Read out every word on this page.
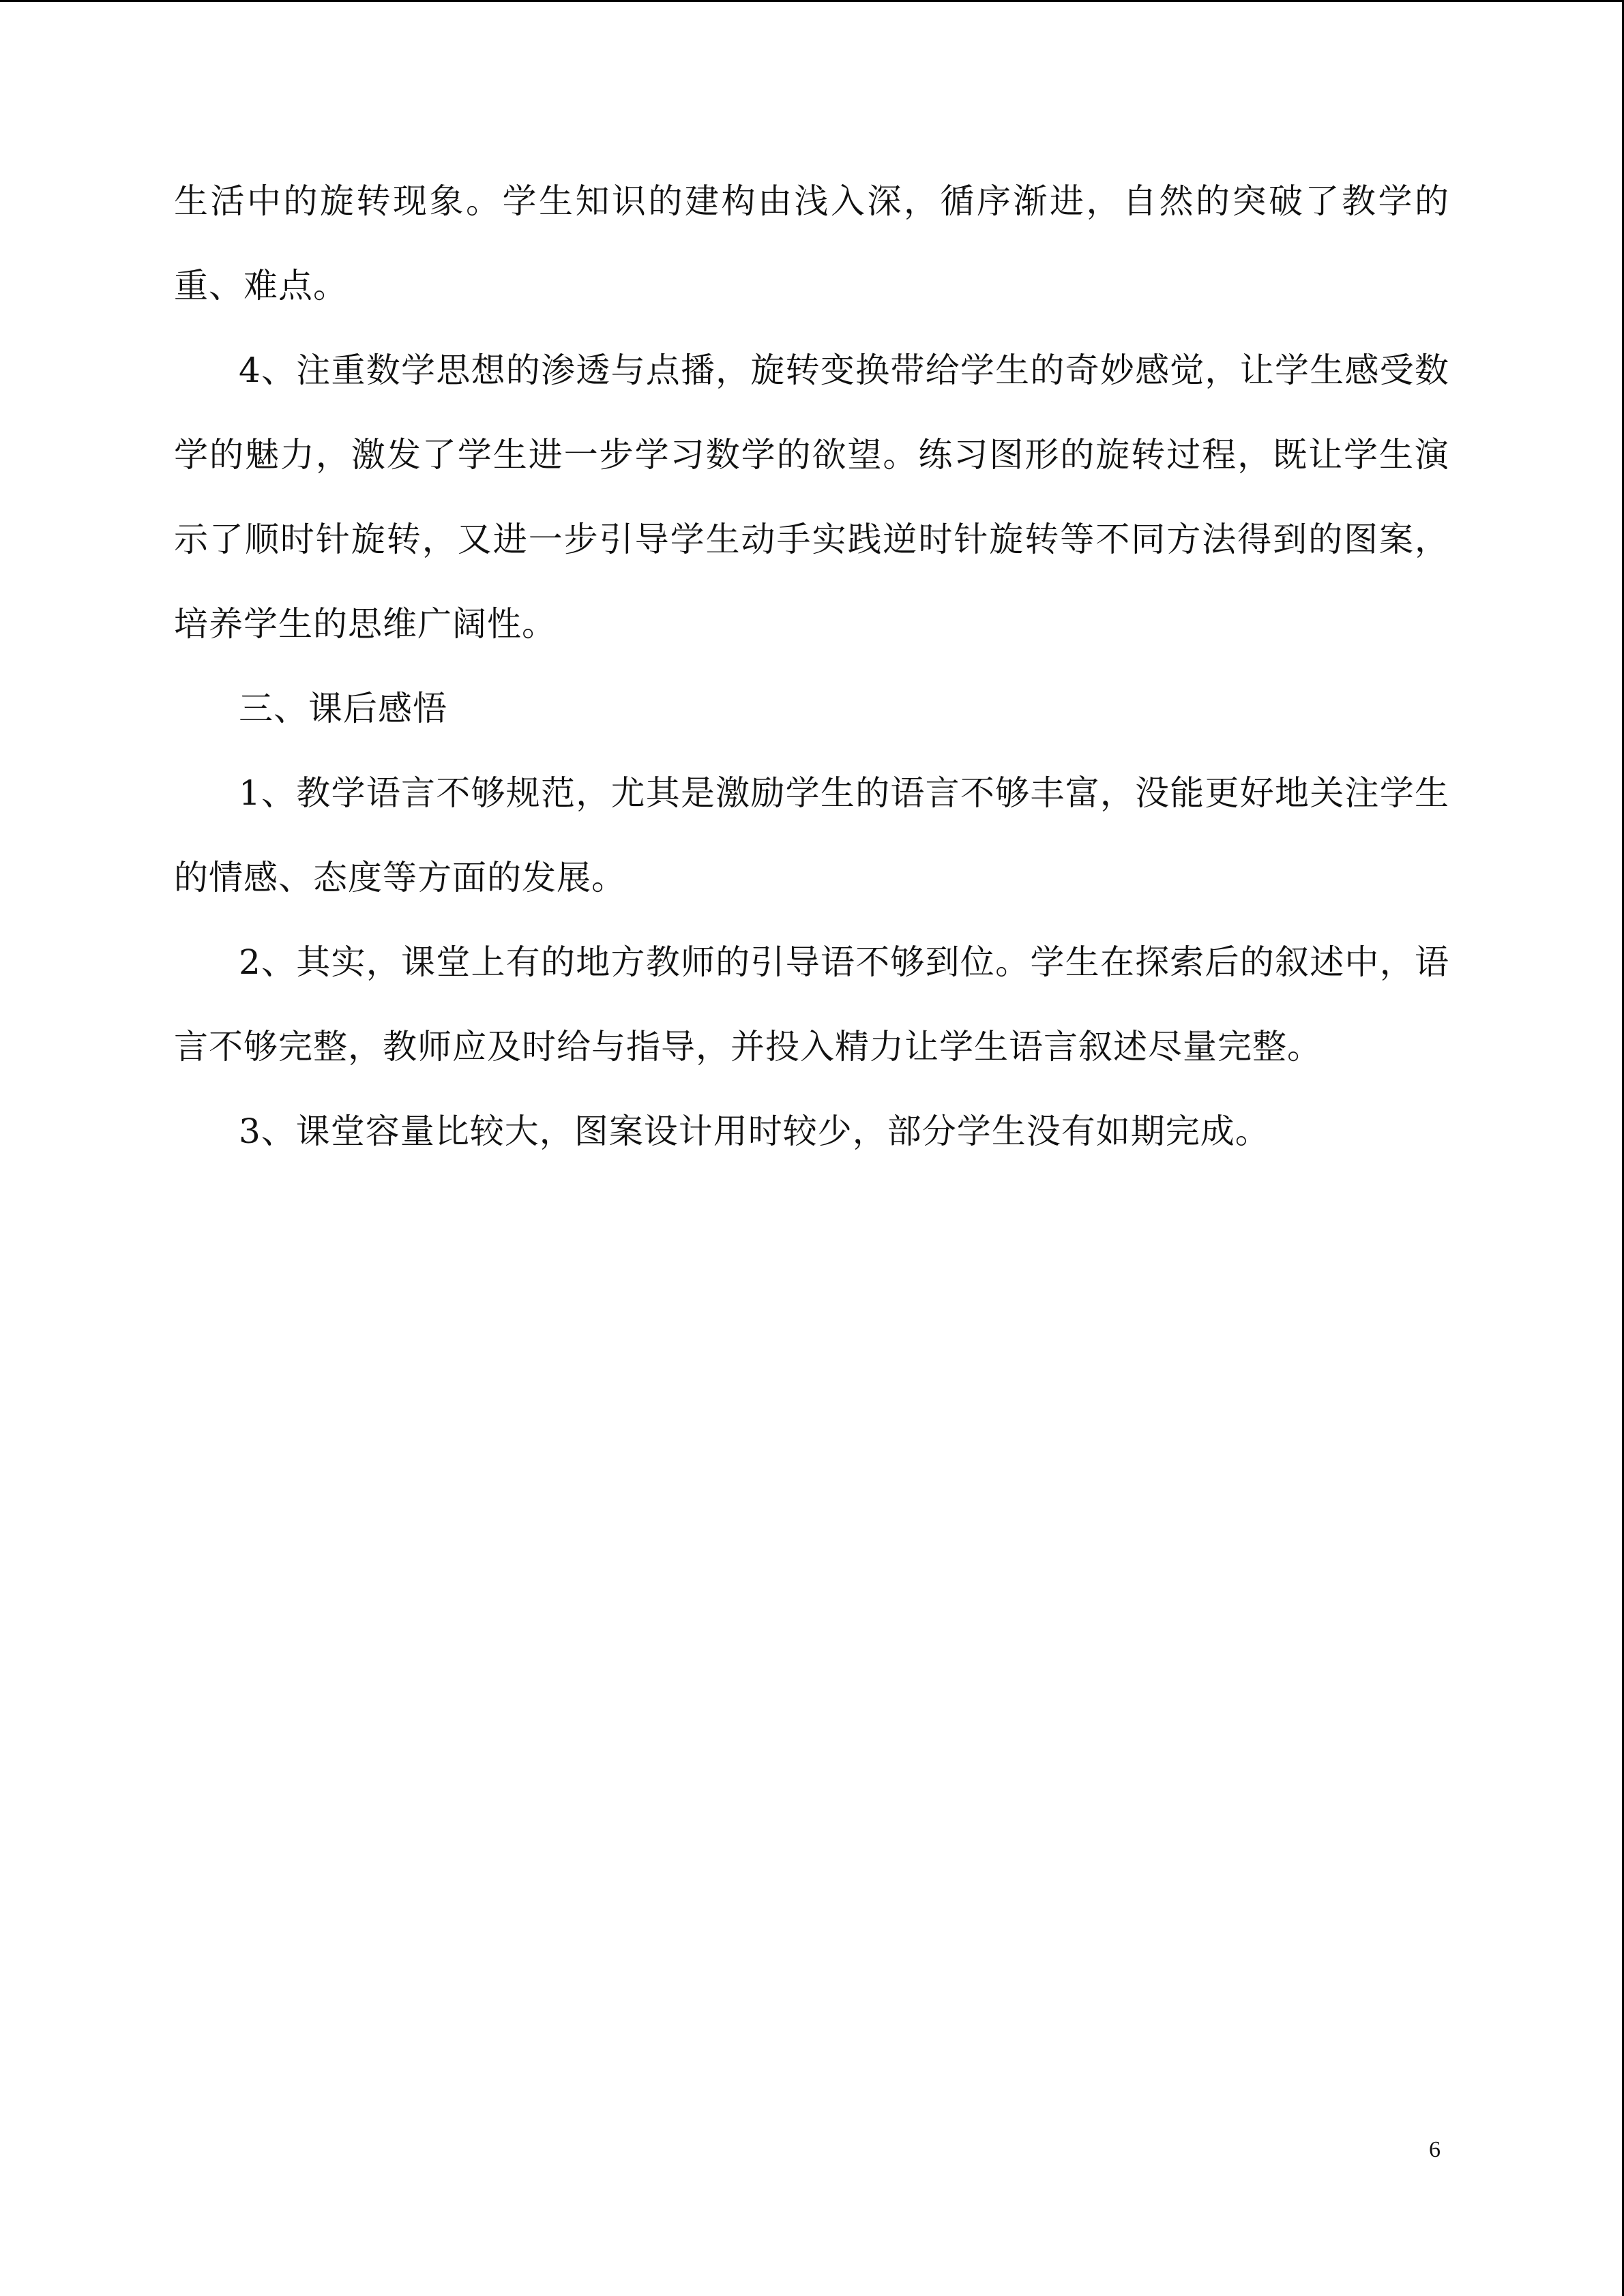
生活中的旋转现象。学生知识的建构由浅入深，循序渐进，自然的突破了教学的重、难点。

4、注重数学思想的渗透与点播，旋转变换带给学生的奇妙感觉，让学生感受数学的魅力，激发了学生进一步学习数学的欲望。练习图形的旋转过程，既让学生演示了顺时针旋转，又进一步引导学生动手实践逆时针旋转等不同方法得到的图案，培养学生的思维广阔性。

三、课后感悟

1、教学语言不够规范，尤其是激励学生的语言不够丰富，没能更好地关注学生的情感、态度等方面的发展。

2、其实，课堂上有的地方教师的引导语不够到位。学生在探索后的叙述中，语言不够完整，教师应及时给与指导，并投入精力让学生语言叙述尽量完整。

3、课堂容量比较大，图案设计用时较少，部分学生没有如期完成。

6
